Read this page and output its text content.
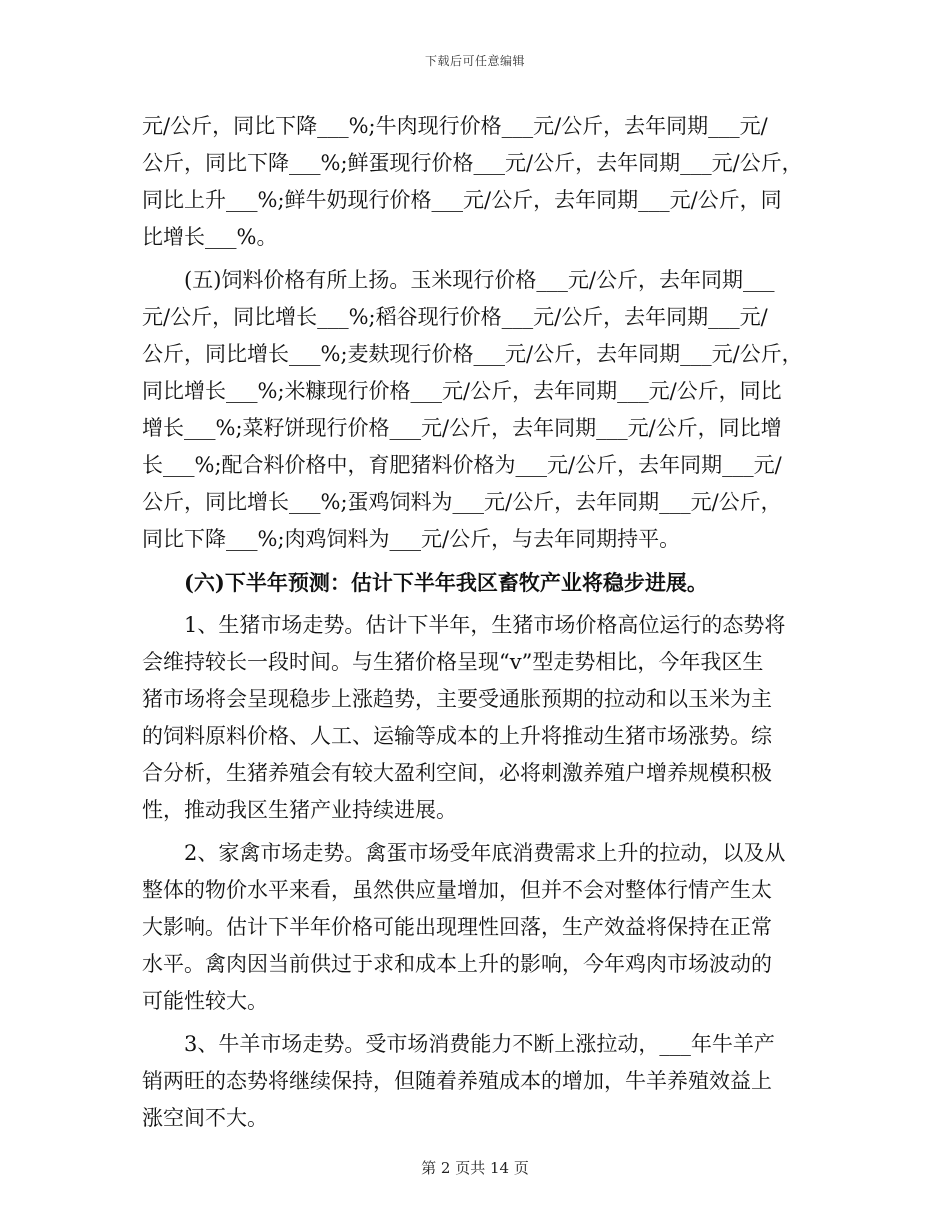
下载后可任意编辑
元/公斤，同比下降___%;牛肉现行价格___元/公斤，去年同期___元/
公斤，同比下降___%;鲜蛋现行价格___元/公斤，去年同期___元/公斤，
同比上升___%;鲜牛奶现行价格___元/公斤，去年同期___元/公斤，同
比增长___%。
(五)饲料价格有所上扬。玉米现行价格___元/公斤，去年同期___
元/公斤，同比增长___%;稻谷现行价格___元/公斤，去年同期___元/
公斤，同比增长___%;麦麸现行价格___元/公斤，去年同期___元/公斤，
同比增长___%;米糠现行价格___元/公斤，去年同期___元/公斤，同比
增长___%;菜籽饼现行价格___元/公斤，去年同期___元/公斤，同比增
长___%;配合料价格中，育肥猪料价格为___元/公斤，去年同期___元/
公斤，同比增长___%;蛋鸡饲料为___元/公斤，去年同期___元/公斤，
同比下降___%;肉鸡饲料为___元/公斤，与去年同期持平。
(六)下半年预测：估计下半年我区畜牧产业将稳步进展。
1、生猪市场走势。估计下半年，生猪市场价格高位运行的态势将
会维持较长一段时间。与生猪价格呈现“v”型走势相比，今年我区生
猪市场将会呈现稳步上涨趋势，主要受通胀预期的拉动和以玉米为主
的饲料原料价格、人工、运输等成本的上升将推动生猪市场涨势。综
合分析，生猪养殖会有较大盈利空间，必将刺激养殖户增养规模积极
性，推动我区生猪产业持续进展。
2、家禽市场走势。禽蛋市场受年底消费需求上升的拉动，以及从
整体的物价水平来看，虽然供应量增加，但并不会对整体行情产生太
大影响。估计下半年价格可能出现理性回落，生产效益将保持在正常
水平。禽肉因当前供过于求和成本上升的影响，今年鸡肉市场波动的
可能性较大。
3、牛羊市场走势。受市场消费能力不断上涨拉动，___年牛羊产
销两旺的态势将继续保持，但随着养殖成本的增加，牛羊养殖效益上
涨空间不大。
第 2 页共 14 页
